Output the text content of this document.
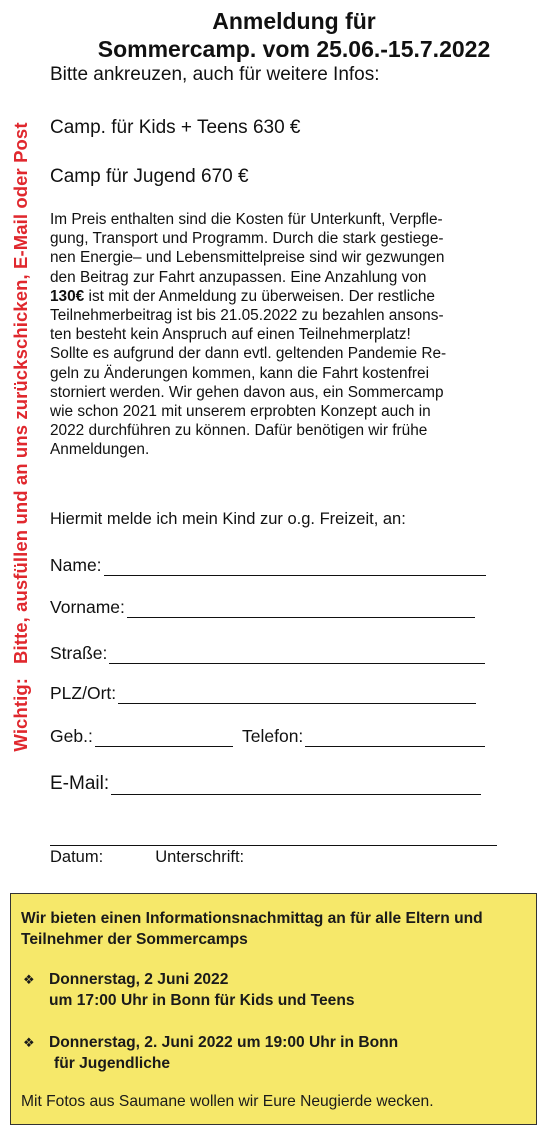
Wichtig:Bitte, ausfüllen und an uns zurückschicken, E-Mail oder Post
Anmeldung für
Sommercamp. vom 25.06.-15.7.2022
Bitte ankreuzen, auch für weitere Infos:
Camp. für Kids + Teens 630 €
Camp für Jugend 670 €
Im Preis enthalten sind die Kosten für Unterkunft, Verpfle-
gung, Transport und Programm. Durch die stark gestiege-
nen Energie– und Lebensmittelpreise sind wir gezwungen
den Beitrag zur Fahrt anzupassen. Eine Anzahlung von
130€ ist mit der Anmeldung zu überweisen. Der restliche
Teilnehmerbeitrag ist bis 21.05.2022 zu bezahlen ansons-
ten besteht kein Anspruch auf einen Teilnehmerplatz!
Sollte es aufgrund der dann evtl. geltenden Pandemie Re-
geln zu Änderungen kommen, kann die Fahrt kostenfrei
storniert werden. Wir gehen davon aus, ein Sommercamp
wie schon 2021 mit unserem erprobten Konzept auch in
2022 durchführen zu können. Dafür benötigen wir frühe
Anmeldungen.
Hiermit melde ich mein Kind zur o.g. Freizeit, an:
Name:
Vorname:
Straße:
PLZ/Ort:
Geb.:	Telefon:
E-Mail:
Datum:	Unterschrift:
Wir bieten einen Informationsnachmittag an für alle Eltern und Teilnehmer der Sommercamps
❖ Donnerstag, 2 Juni 2022
um 17:00 Uhr in Bonn für Kids und Teens
❖ Donnerstag, 2. Juni 2022 um 19:00 Uhr in Bonn
für Jugendliche
Mit Fotos aus Saumane wollen wir Eure Neugierde wecken.
